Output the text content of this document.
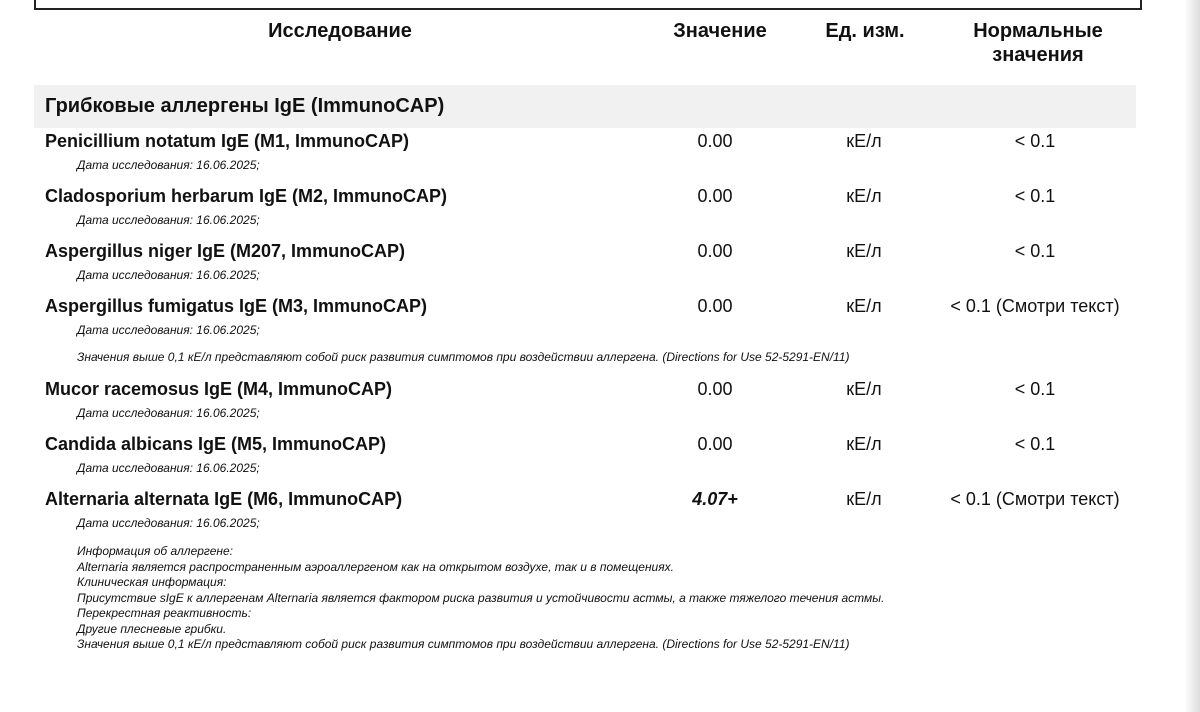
Исследование	Значение	Ед. изм.	Нормальные
значения
Грибковые аллергены IgE (ImmunoCAP)
Penicillium notatum IgE (M1, ImmunoCAP)
Дата исследования: 16.06.2025;
0.00	кЕ/л	< 0.1
Cladosporium herbarum IgE (M2, ImmunoCAP)
Дата исследования: 16.06.2025;
0.00	кЕ/л	< 0.1
Aspergillus niger IgE (M207, ImmunoCAP)
Дата исследования: 16.06.2025;
0.00	кЕ/л	< 0.1
Aspergillus fumigatus IgE (M3, ImmunoCAP)
Дата исследования: 16.06.2025;
0.00	кЕ/л	< 0.1 (Смотри текст)
Значения выше 0,1 кЕ/л представляют собой риск развития симптомов при воздействии аллергена. (Directions for Use 52-5291-EN/11)
Mucor racemosus IgE (M4, ImmunoCAP)
Дата исследования: 16.06.2025;
0.00	кЕ/л	< 0.1
Candida albicans IgE (M5, ImmunoCAP)
Дата исследования: 16.06.2025;
0.00	кЕ/л	< 0.1
Alternaria alternata IgE (M6, ImmunoCAP)
Дата исследования: 16.06.2025;
4.07+	кЕ/л	< 0.1 (Смотри текст)
Информация об аллергене:
Alternaria является распространенным аэроаллергеном как на открытом воздухе, так и в помещениях.
Клиническая информация:
Присутствие sIgE к аллергенам Alternaria является фактором риска развития и устойчивости астмы, а также тяжелого течения астмы.
Перекрестная реактивность:
Другие плесневые грибки.
Значения выше 0,1 кЕ/л представляют собой риск развития симптомов при воздействии аллергена. (Directions for Use 52-5291-EN/11)
